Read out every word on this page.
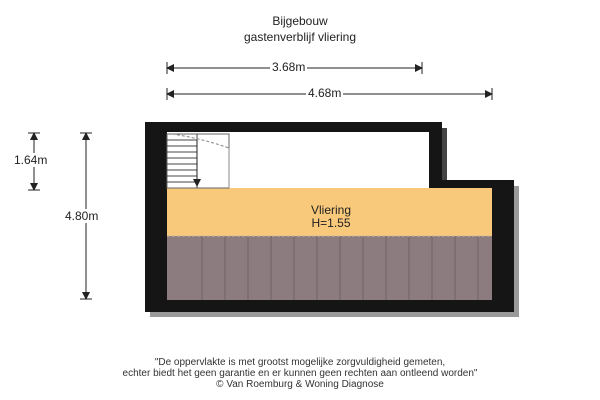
Bijgebouw
gastenverblijf vliering
3.68m
4.68m
1.64m
4.80m	Vliering
H=1.55
"De oppervlakte is met grootst mogelijke zorgvuldigheid gemeten,
echter biedt het geen garantie en er kunnen geen rechten aan ontleend worden"
© Van Roemburg & Woning Diagnose
